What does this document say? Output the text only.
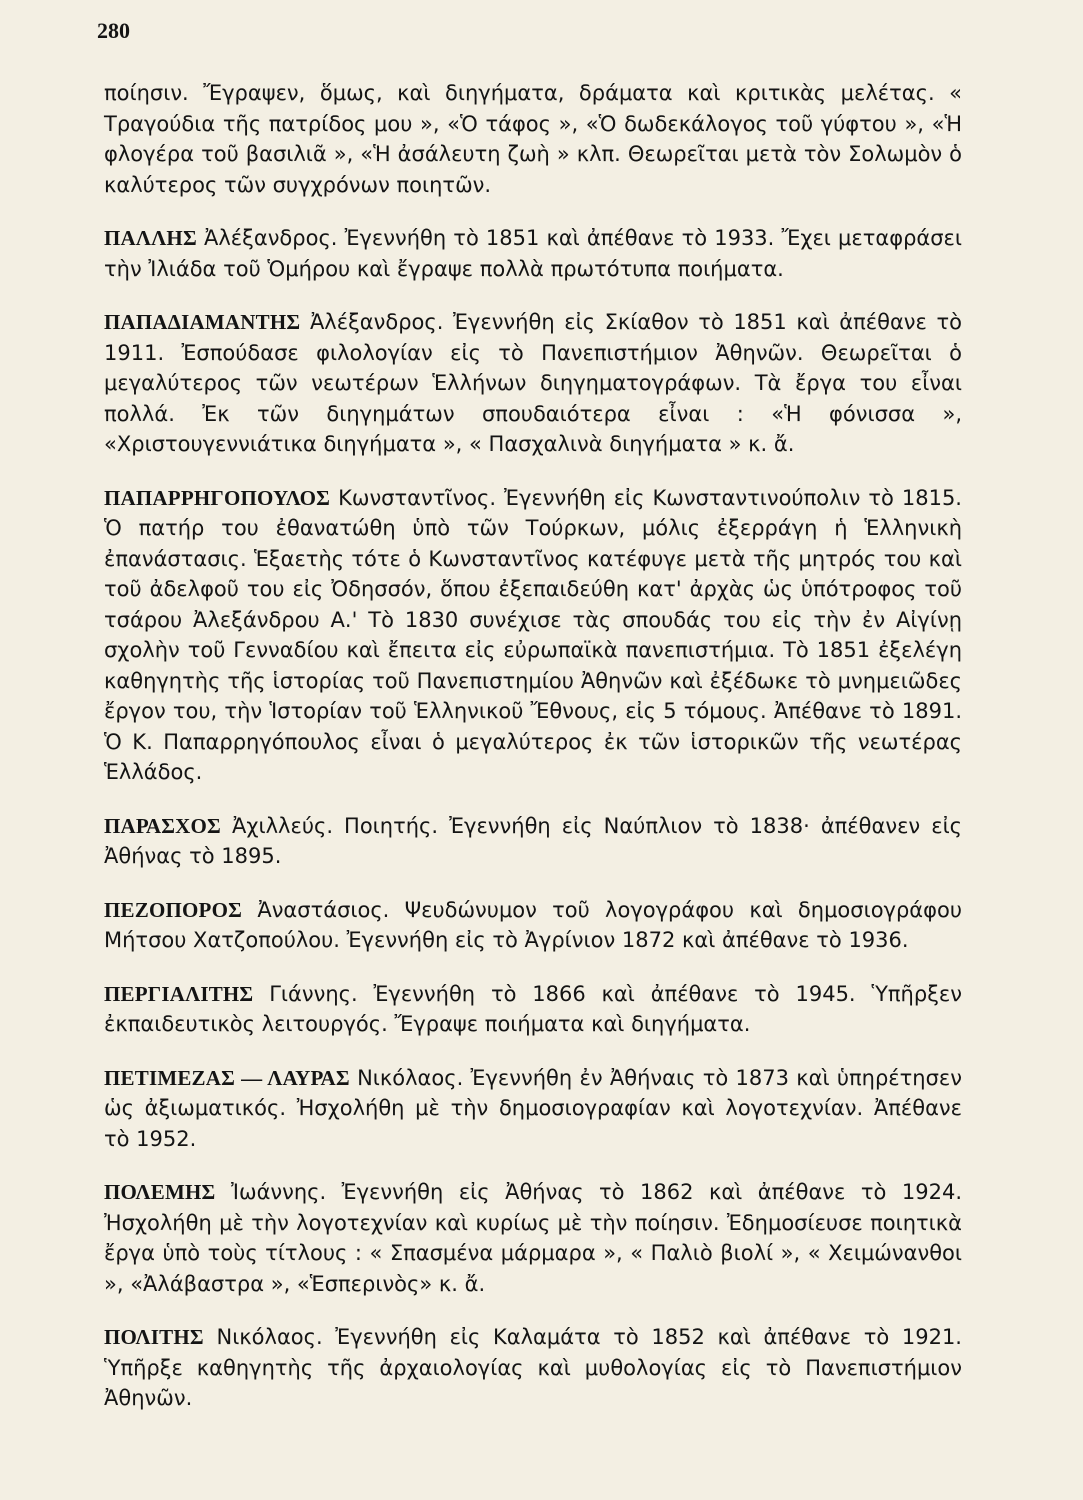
280

ποίησιν. Ἔγραψεν, ὅμως, καὶ διηγήματα, δράματα καὶ κριτικὰς μελέτας. « Τραγούδια τῆς πατρίδος μου », «Ὁ τάφος », «Ὁ δωδεκάλογος τοῦ γύφτου », «Ἡ φλογέρα τοῦ βασιλιᾶ », «Ἡ ἀσάλευτη ζωὴ » κλπ. Θεωρεῖται μετὰ τὸν Σολωμὸν ὁ καλύτερος τῶν συγχρόνων ποιητῶν.

ΠΑΛΛΗΣ Ἀλέξανδρος. Ἐγεννήθη τὸ 1851 καὶ ἀπέθανε τὸ 1933. Ἔχει μεταφράσει τὴν Ἰλιάδα τοῦ Ὁμήρου καὶ ἔγραψε πολλὰ πρωτότυπα ποιήματα.

ΠΑΠΑΔΙΑΜΑΝΤΗΣ Ἀλέξανδρος. Ἐγεννήθη εἰς Σκίαθον τὸ 1851 καὶ ἀπέθανε τὸ 1911. Ἐσπούδασε φιλολογίαν εἰς τὸ Πανεπιστήμιον Ἀθηνῶν. Θεωρεῖται ὁ μεγαλύτερος τῶν νεωτέρων Ἑλλήνων διηγηματογράφων. Τὰ ἔργα του εἶναι πολλά. Ἐκ τῶν διηγημάτων σπουδαιότερα εἶναι : «Ἡ φόνισσα », «Χριστουγεννιάτικα διηγήματα », « Πασχαλινὰ διηγήματα » κ. ἄ.

ΠΑΠΑΡΡΗΓΟΠΟΥΛΟΣ Κωνσταντῖνος. Ἐγεννήθη εἰς Κωνσταντινούπολιν τὸ 1815. Ὁ πατήρ του ἐθανατώθη ὑπὸ τῶν Τούρκων, μόλις ἐξερράγη ἡ Ἑλληνικὴ ἐπανάστασις. Ἑξαετὴς τότε ὁ Κωνσταντῖνος κατέφυγε μετὰ τῆς μητρός του καὶ τοῦ ἀδελφοῦ του εἰς Ὀδησσόν, ὅπου ἐξεπαιδεύθη κατ' ἀρχὰς ὡς ὑπότροφος τοῦ τσάρου Ἀλεξάνδρου Α.' Τὸ 1830 συνέχισε τὰς σπουδάς του εἰς τὴν ἐν Αἰγίνῃ σχολὴν τοῦ Γενναδίου καὶ ἔπειτα εἰς εὐρωπαϊκὰ πανεπιστήμια. Τὸ 1851 ἐξελέγη καθηγητὴς τῆς ἱστορίας τοῦ Πανεπιστημίου Ἀθηνῶν καὶ ἐξέδωκε τὸ μνημειῶδες ἔργον του, τὴν Ἱστορίαν τοῦ Ἑλληνικοῦ Ἔθνους, εἰς 5 τόμους. Ἀπέθανε τὸ 1891. Ὁ Κ. Παπαρρηγόπουλος εἶναι ὁ μεγαλύτερος ἐκ τῶν ἱστορικῶν τῆς νεωτέρας Ἑλλάδος.

ΠΑΡΑΣΧΟΣ Ἀχιλλεύς. Ποιητής. Ἐγεννήθη εἰς Ναύπλιον τὸ 1838· ἀπέθανεν εἰς Ἀθήνας τὸ 1895.

ΠΕΖΟΠΟΡΟΣ Ἀναστάσιος. Ψευδώνυμον τοῦ λογογράφου καὶ δημοσιογράφου Μήτσου Χατζοπούλου. Ἐγεννήθη εἰς τὸ Ἀγρίνιον 1872 καὶ ἀπέθανε τὸ 1936.

ΠΕΡΓΙΑΛΙΤΗΣ Γιάννης. Ἐγεννήθη τὸ 1866 καὶ ἀπέθανε τὸ 1945. Ὑπῆρξεν ἐκπαιδευτικὸς λειτουργός. Ἔγραψε ποιήματα καὶ διηγήματα.

ΠΕΤΙΜΕΖΑΣ — ΛΑΥΡΑΣ Νικόλαος. Ἐγεννήθη ἐν Ἀθήναις τὸ 1873 καὶ ὑπηρέτησεν ὡς ἀξιωματικός. Ἠσχολήθη μὲ τὴν δημοσιογραφίαν καὶ λογοτεχνίαν. Ἀπέθανε τὸ 1952.

ΠΟΛΕΜΗΣ Ἰωάννης. Ἐγεννήθη εἰς Ἀθήνας τὸ 1862 καὶ ἀπέθανε τὸ 1924. Ἠσχολήθη μὲ τὴν λογοτεχνίαν καὶ κυρίως μὲ τὴν ποίησιν. Ἐδημοσίευσε ποιητικὰ ἔργα ὑπὸ τοὺς τίτλους : « Σπασμένα μάρμαρα », « Παλιὸ βιολί », « Χειμώνανθοι », «Ἀλάβαστρα », «Ἑσπερινὸς» κ. ἄ.

ΠΟΛΙΤΗΣ Νικόλαος. Ἐγεννήθη εἰς Καλαμάτα τὸ 1852 καὶ ἀπέθανε τὸ 1921. Ὑπῆρξε καθηγητὴς τῆς ἀρχαιολογίας καὶ μυθολογίας εἰς τὸ Πανεπιστήμιον Ἀθηνῶν.
